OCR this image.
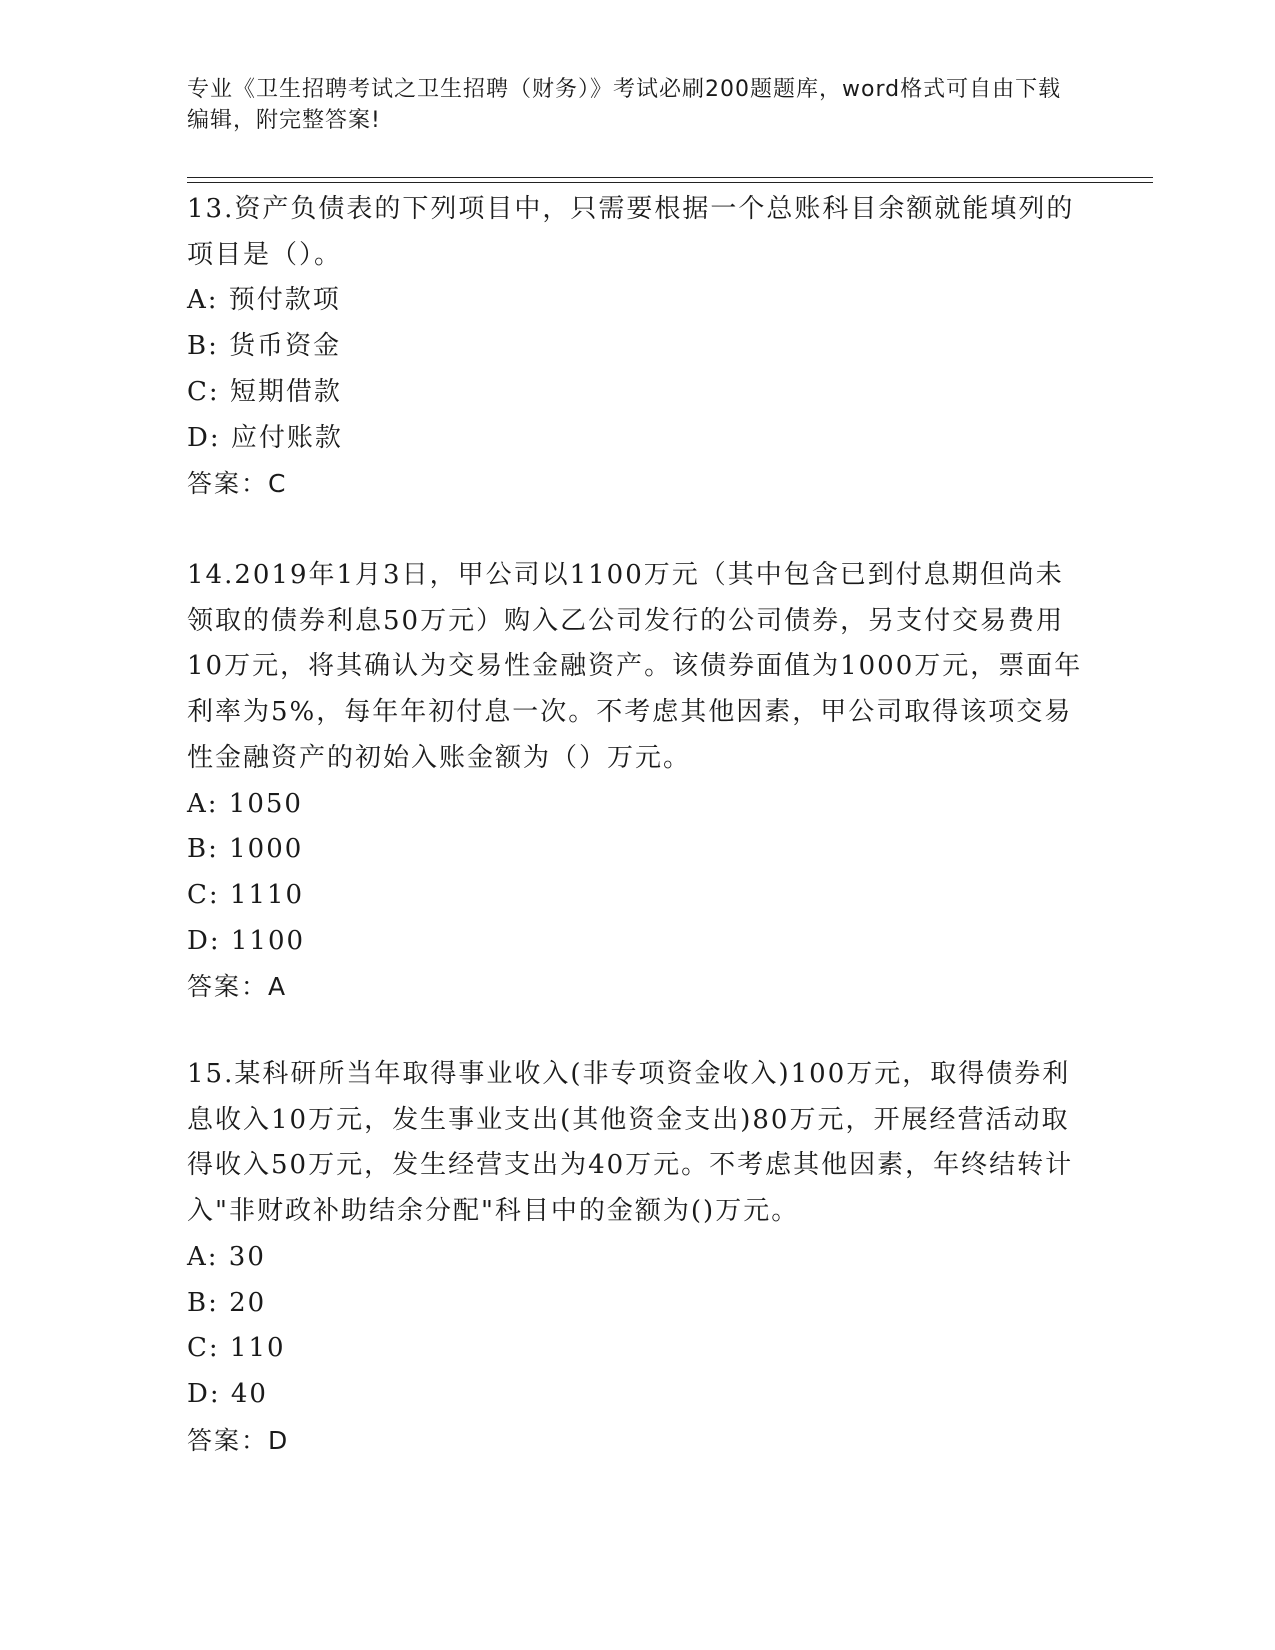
专业《卫生招聘考试之卫生招聘（财务）》考试必刷200题题库，word格式可自由下载编辑，附完整答案!

13.资产负债表的下列项目中，只需要根据一个总账科目余额就能填列的项目是（）。

A: 预付款项

B: 货币资金

C: 短期借款

D: 应付账款

答案：C

14.2019年1月3日，甲公司以1100万元（其中包含已到付息期但尚未领取的债券利息50万元）购入乙公司发行的公司债券，另支付交易费用10万元，将其确认为交易性金融资产。该债券面值为1000万元，票面年利率为5%，每年年初付息一次。不考虑其他因素，甲公司取得该项交易性金融资产的初始入账金额为（）万元。

A: 1050

B: 1000

C: 1110

D: 1100

答案：A

15.某科研所当年取得事业收入(非专项资金收入)100万元，取得债券利息收入10万元，发生事业支出(其他资金支出)80万元，开展经营活动取得收入50万元，发生经营支出为40万元。不考虑其他因素，年终结转计入"非财政补助结余分配"科目中的金额为()万元。

A: 30

B: 20

C: 110

D: 40

答案：D
